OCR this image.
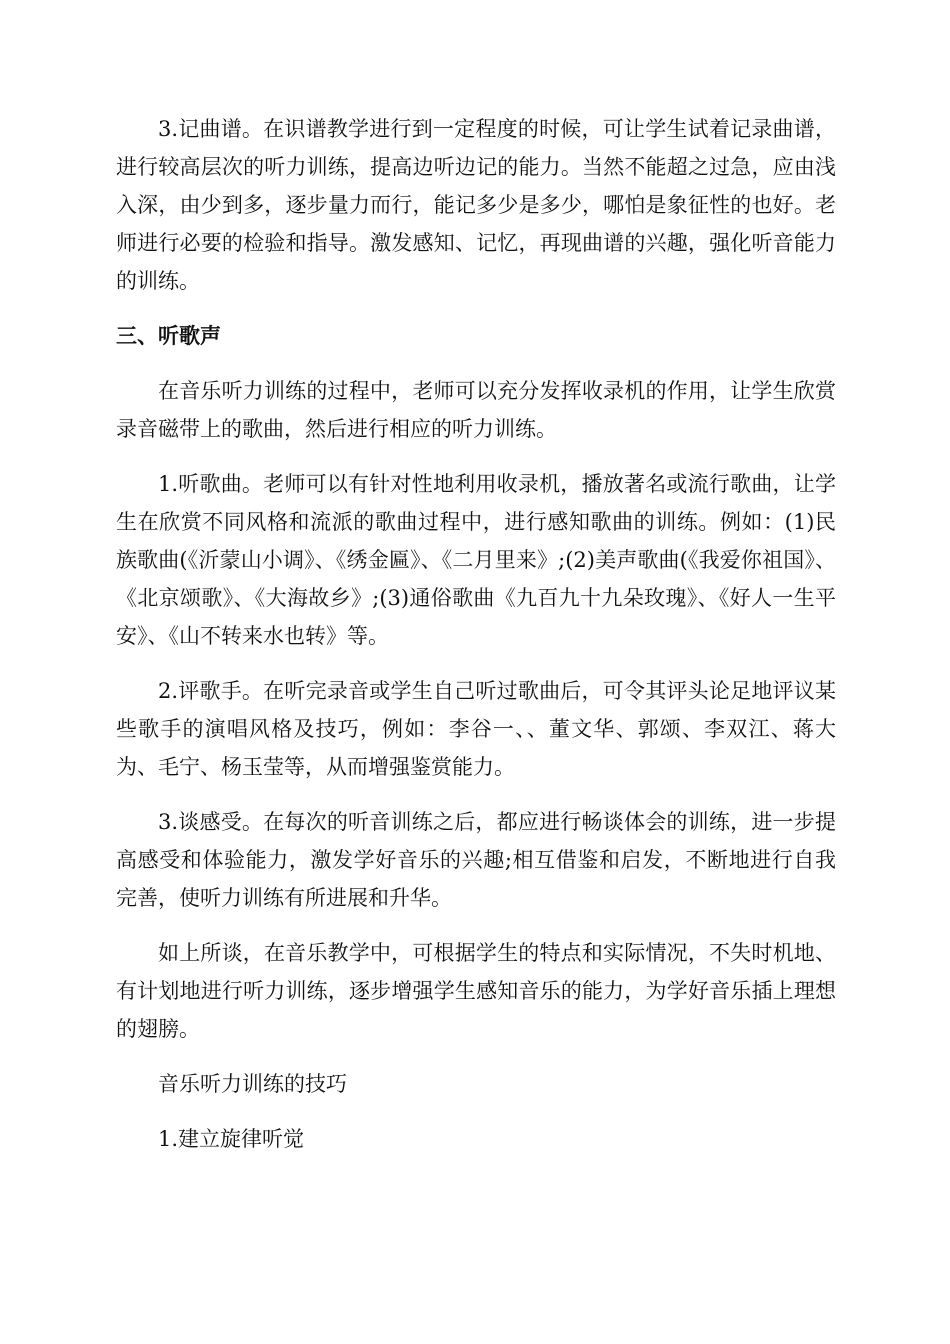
3.记曲谱。在识谱教学进行到一定程度的时候，可让学生试着记录曲谱，进行较高层次的听力训练，提高边听边记的能力。当然不能超之过急，应由浅入深，由少到多，逐步量力而行，能记多少是多少，哪怕是象征性的也好。老师进行必要的检验和指导。激发感知、记忆，再现曲谱的兴趣，强化听音能力的训练。

三、听歌声

在音乐听力训练的过程中，老师可以充分发挥收录机的作用，让学生欣赏录音磁带上的歌曲，然后进行相应的听力训练。

1.听歌曲。老师可以有针对性地利用收录机，播放著名或流行歌曲，让学生在欣赏不同风格和流派的歌曲过程中，进行感知歌曲的训练。例如：(1)民族歌曲(《沂蒙山小调》、《绣金匾》、《二月里来》;(2)美声歌曲(《我爱你祖国》、《北京颂歌》、《大海故乡》;(3)通俗歌曲《九百九十九朵玫瑰》、《好人一生平安》、《山不转来水也转》等。

2.评歌手。在听完录音或学生自己听过歌曲后，可令其评头论足地评议某些歌手的演唱风格及技巧，例如：李谷一、、董文华、郭颂、李双江、蒋大为、毛宁、杨玉莹等，从而增强鉴赏能力。

3.谈感受。在每次的听音训练之后，都应进行畅谈体会的训练，进一步提高感受和体验能力，激发学好音乐的兴趣;相互借鉴和启发，不断地进行自我完善，使听力训练有所进展和升华。

如上所谈，在音乐教学中，可根据学生的特点和实际情况，不失时机地、有计划地进行听力训练，逐步增强学生感知音乐的能力，为学好音乐插上理想的翅膀。

音乐听力训练的技巧

1.建立旋律听觉
